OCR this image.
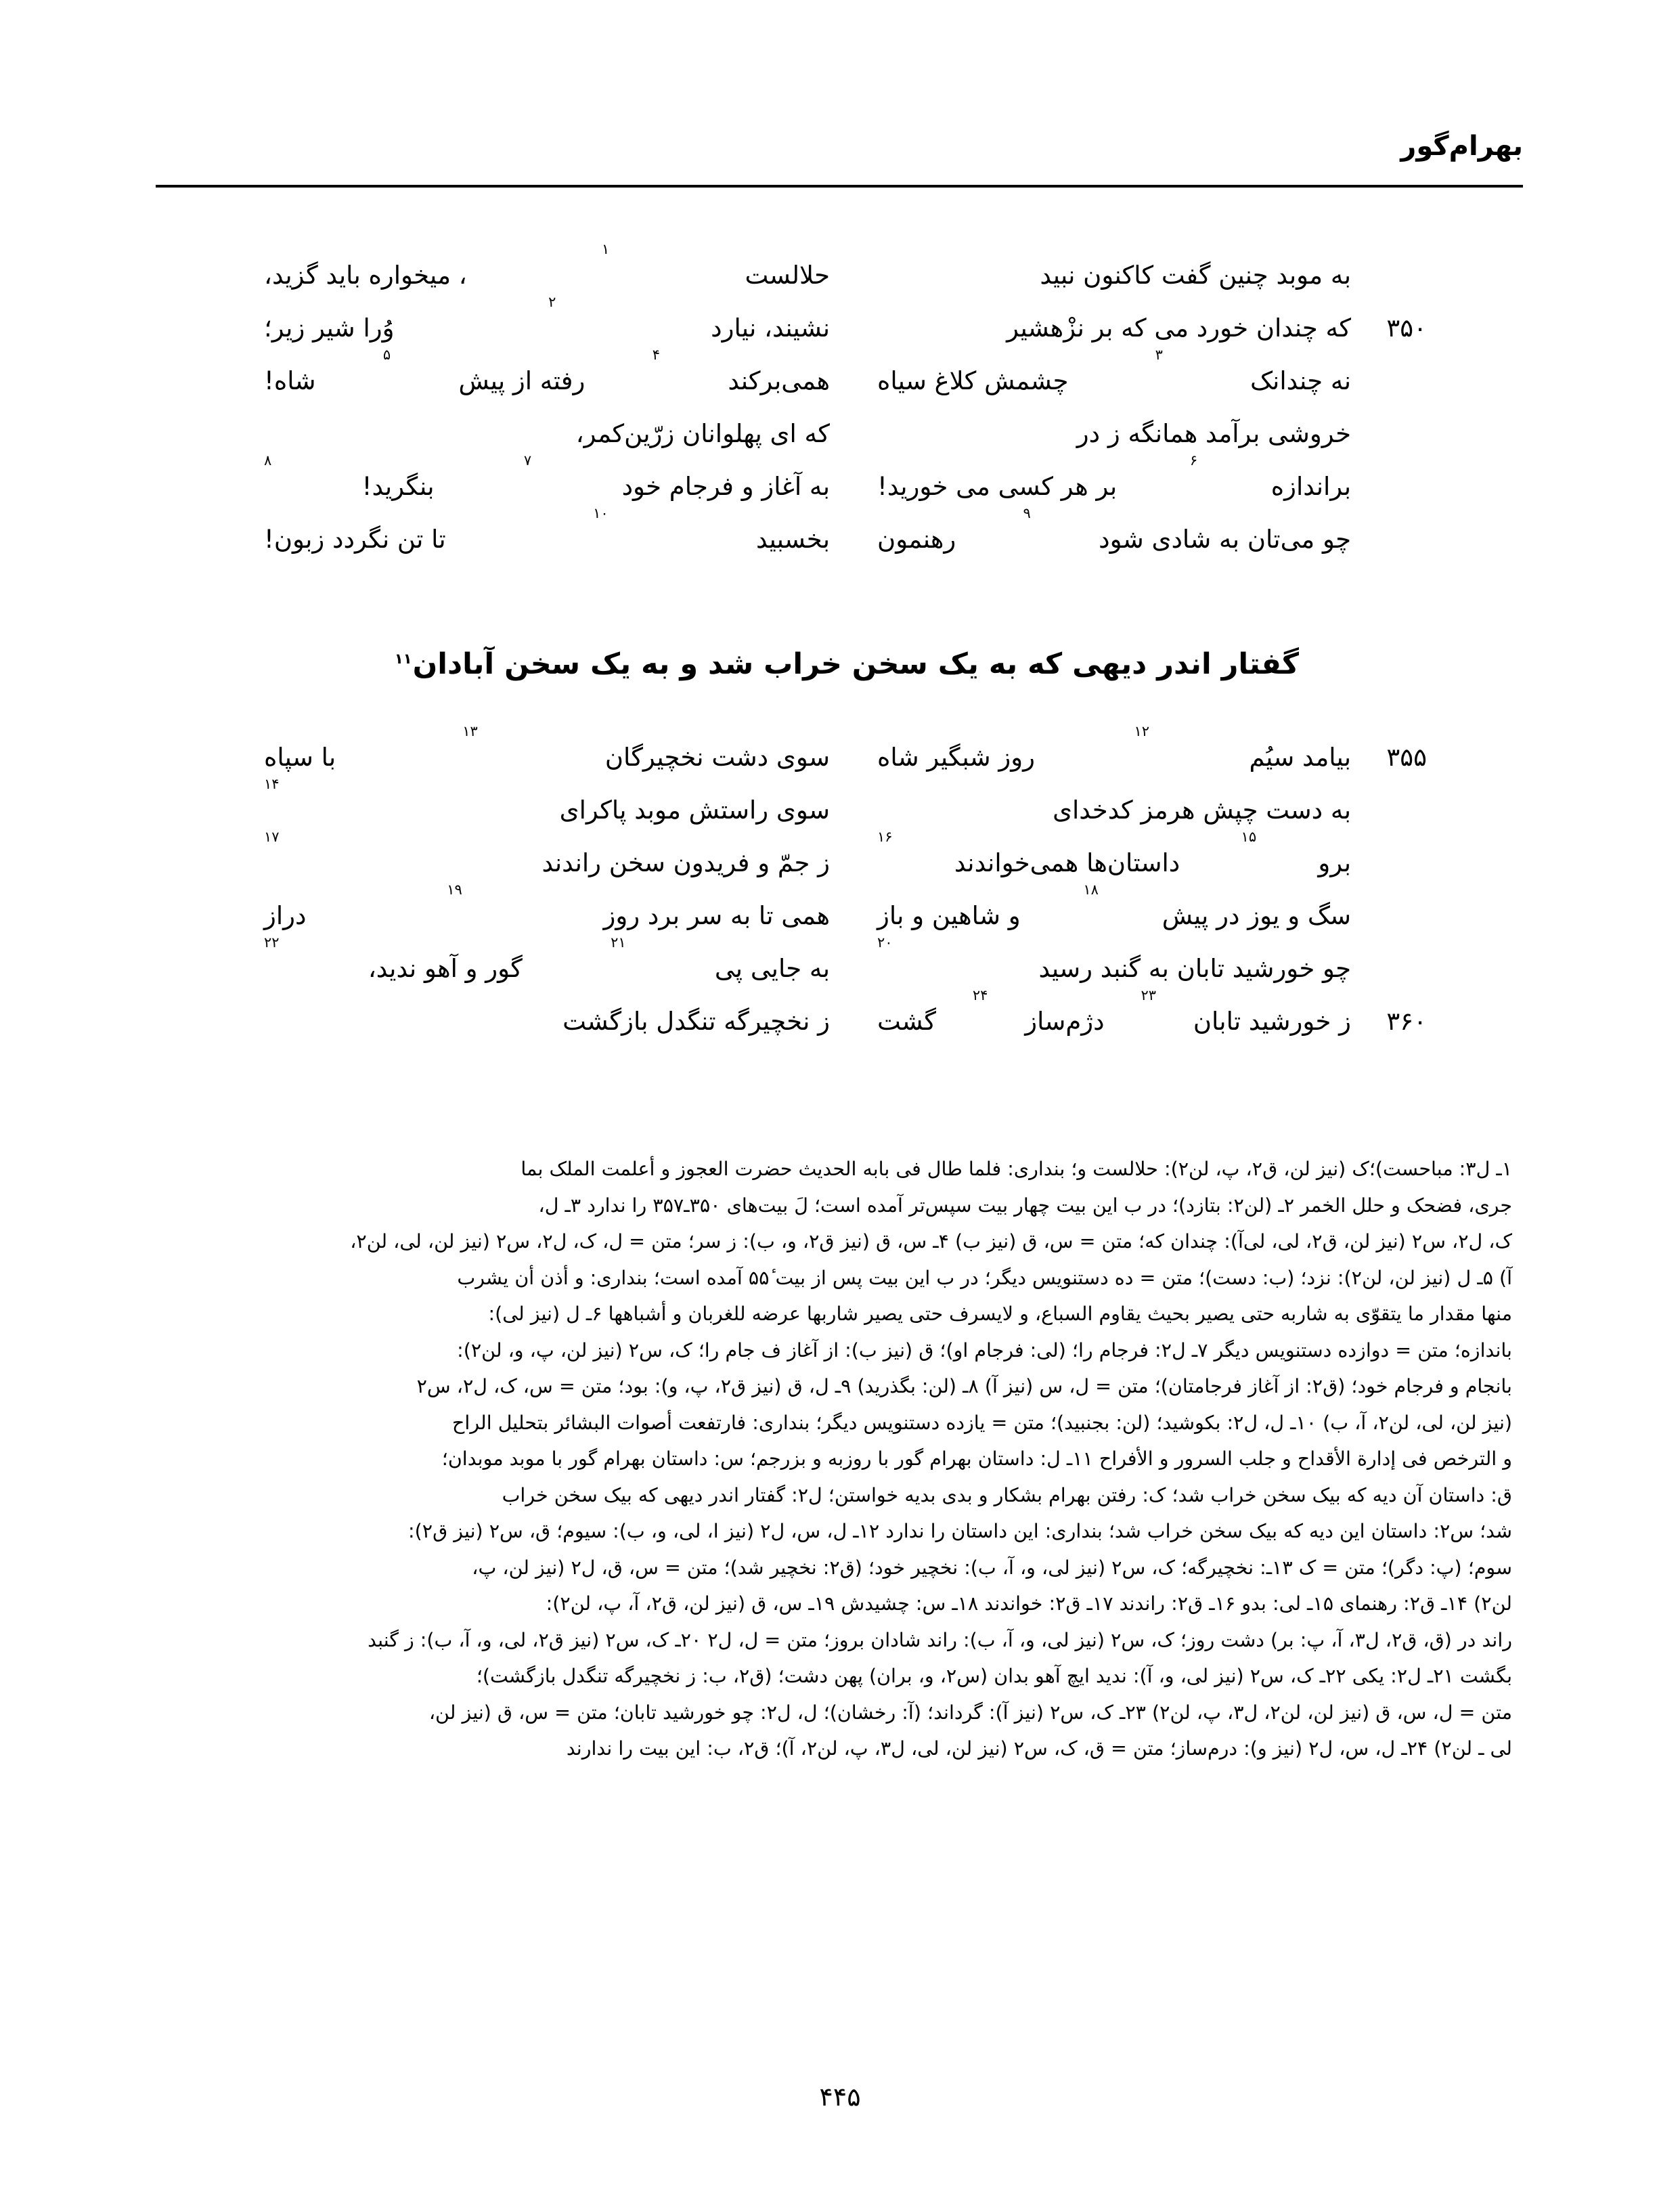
بهرام‌گور
به موبد چنین گفت کاکنون نبید
حلالست
۱
، میخواره باید گزید،
۳۵۰
که چندان خورد می که بر نزْهشیر
نشیند، نیارد
۲
وُرا شیر زیر؛
نه چندانک
۳
چشمش کلاغ سیاه
همی‌برکند
۴
رفته از پیش
۵
شاه!
خروشی برآمد همانگه ز در
که ای پهلوانان زرّین‌کمر،
براندازه
۶
بر هر کسی می خورید!
به آغاز و فرجام خود
۷
بنگرید!
۸
چو می‌تان به شادی شود
۹
رهنمون
بخسبید
۱۰
تا تن نگردد زبون!
گفتار اندر دیهی که به یک سخن خراب شد و به یک سخن آبادان$^{۱۱}$
۳۵۵
بیامد سیُم
۱۲
روز شبگیر شاه
سوی دشت نخچیرگان
۱۳
با سپاه
به دست چپش هرمز کدخدای
سوی راستش موبد پاکرای
۱۴
برو
۱۵
داستان‌ها همی‌خواندند
۱۶
ز جمّ و فریدون سخن راندند
۱۷
سگ و یوز در پیش
۱۸
و شاهین و باز
همی تا به سر برد روز
۱۹
دراز
چو خورشید تابان به گنبد رسید
۲۰
به جایی پی
۲۱
گور و آهو ندید،
۲۲
۳۶۰
ز خورشید تابان
۲۳
دژم‌ساز
۲۴
گشت
ز نخچیرگه تنگدل بازگشت

۱ـ ل‏۳: مباحست)؛ک (نیز لن، ق‏۲، پ، لن‏۲): حلالست و؛ بنداری: فلما طال فی بابه الحدیث حضرت العجوز و أعلمت الملک بما

جری، فضحک و حلل الخمر ۲ـ (لن‏۲: بتازد)؛ در ب این بیت چهار بیت سپس‌تر آمده است؛ لَ بیت‌های ۳۵۰ـ۳۵۷ را ندارد ۳ـ ل،

ک، ل‏۲، س‏۲ (نیز لن، ق‏۲، لی، لی‌آ): چندان که؛ متن = س، ق (نیز ب) ۴ـ س، ق (نیز ق‏۲، و، ب): ز سر؛ متن = ل، ک، ل‏۲، س‏۲ (نیز لن، لی، لن‏۲،

آ) ۵ـ ل (نیز لن، لن‏۲): نزد؛ (ب: دست)؛ متن = ده دستنویس دیگر؛ در ب این بیت پس از بیت ۵۵ٔ آمده است؛ بنداری: و أذن أن یشرب

منها مقدار ما یتقوّی به شاربه حتی یصیر بحیث یقاوم السباع، و لایسرف حتی یصیر شاربها عرضه للغربان و أشباهها ۶ـ ل (نیز لی):

باندازه؛ متن = دوازده دستنویس دیگر ۷ـ ل‏۲: فرجام را؛ (لی: فرجام او)؛ ق (نیز ب): از آغاز ف جام را؛ ک، س‏۲ (نیز لن، پ، و، لن‏۲):

بانجام و فرجام خود؛ (ق‏۲: از آغاز فرجامتان)؛ متن = ل، س (نیز آ) ۸ـ (لن: بگذرید) ۹ـ ل، ق (نیز ق‏۲، پ، و): بود؛ متن = س، ک، ل‏۲، س‏۲

(نیز لن، لی، لن‏۲، آ، ب) ۱۰ـ ل، ل‏۲: بکوشید؛ (لن: بجنبید)؛ متن = یازده دستنویس دیگر؛ بنداری: فارتفعت أصوات البشائر بتحلیل الراح

و الترخص فی إدارة الأقداح و جلب السرور و الأفراح ۱۱ـ ل: داستان بهرام گور با روزبه و بزرجم؛ س: داستان بهرام گور با موبد موبدان؛

ق: داستان آن دیه که بیک سخن خراب شد؛ ک: رفتن بهرام بشکار و بدی بدیه خواستن؛ ل‏۲: گفتار اندر دیهی که بیک سخن خراب

شد؛ س‏۲: داستان این دیه که بیک سخن خراب شد؛ بنداری: این داستان را ندارد ۱۲ـ ل، س، ل‏۲ (نیز ا، لی، و، ب): سیوم؛ ق، س‏۲ (نیز ق‏۲):

سوم؛ (پ: دگر)؛ متن = ک ۱۳ـ: نخچیرگه؛ ک، س‏۲ (نیز لی، و، آ، ب): نخچیر خود؛ (ق‏۲: نخچیر شد)؛ متن = س، ق، ل‏۲ (نیز لن، پ،

لن‏۲) ۱۴ـ ق‏۲: رهنمای ۱۵ـ لی: بدو ۱۶ـ ق‏۲: راندند ۱۷ـ ق‏۲: خواندند ۱۸ـ س: چشیدش ۱۹ـ س، ق (نیز لن، ق‏۲، آ، پ، لن‏۲):

راند در (ق، ق‏۲، ل‏۳، آ، پ: بر) دشت روز؛ ک، س‏۲ (نیز لی، و، آ، ب): راند شادان بروز؛ متن = ل، ل‏۲ ۲۰ـ ک، س‏۲ (نیز ق‏۲، لی، و، آ، ب): ز گنبد

بگشت ۲۱ـ ل‏۲: یکی ۲۲ـ ک، س‏۲ (نیز لی، و، آ): ندید ایچ آهو بدان (س‏۲، و، بران) پهن دشت؛ (ق‏۲، ب: ز نخچیرگه تنگدل بازگشت)؛

متن = ل، س، ق (نیز لن، لن‏۲، ل‏۳، پ، لن‏۲) ۲۳ـ ک، س‏۲ (نیز آ): گرداند؛ (آ: رخشان)؛ ل، ل‏۲: چو خورشید تابان؛ متن = س، ق (نیز لن،

لی ـ لن‏۲) ۲۴ـ ل، س، ل‏۲ (نیز و): درم‌ساز؛ متن = ق، ک، س‏۲ (نیز لن، لی، ل‏۳، پ، لن‏۲، آ)؛ ق‏۲، ب: این بیت را ندارند

۴۴۵
